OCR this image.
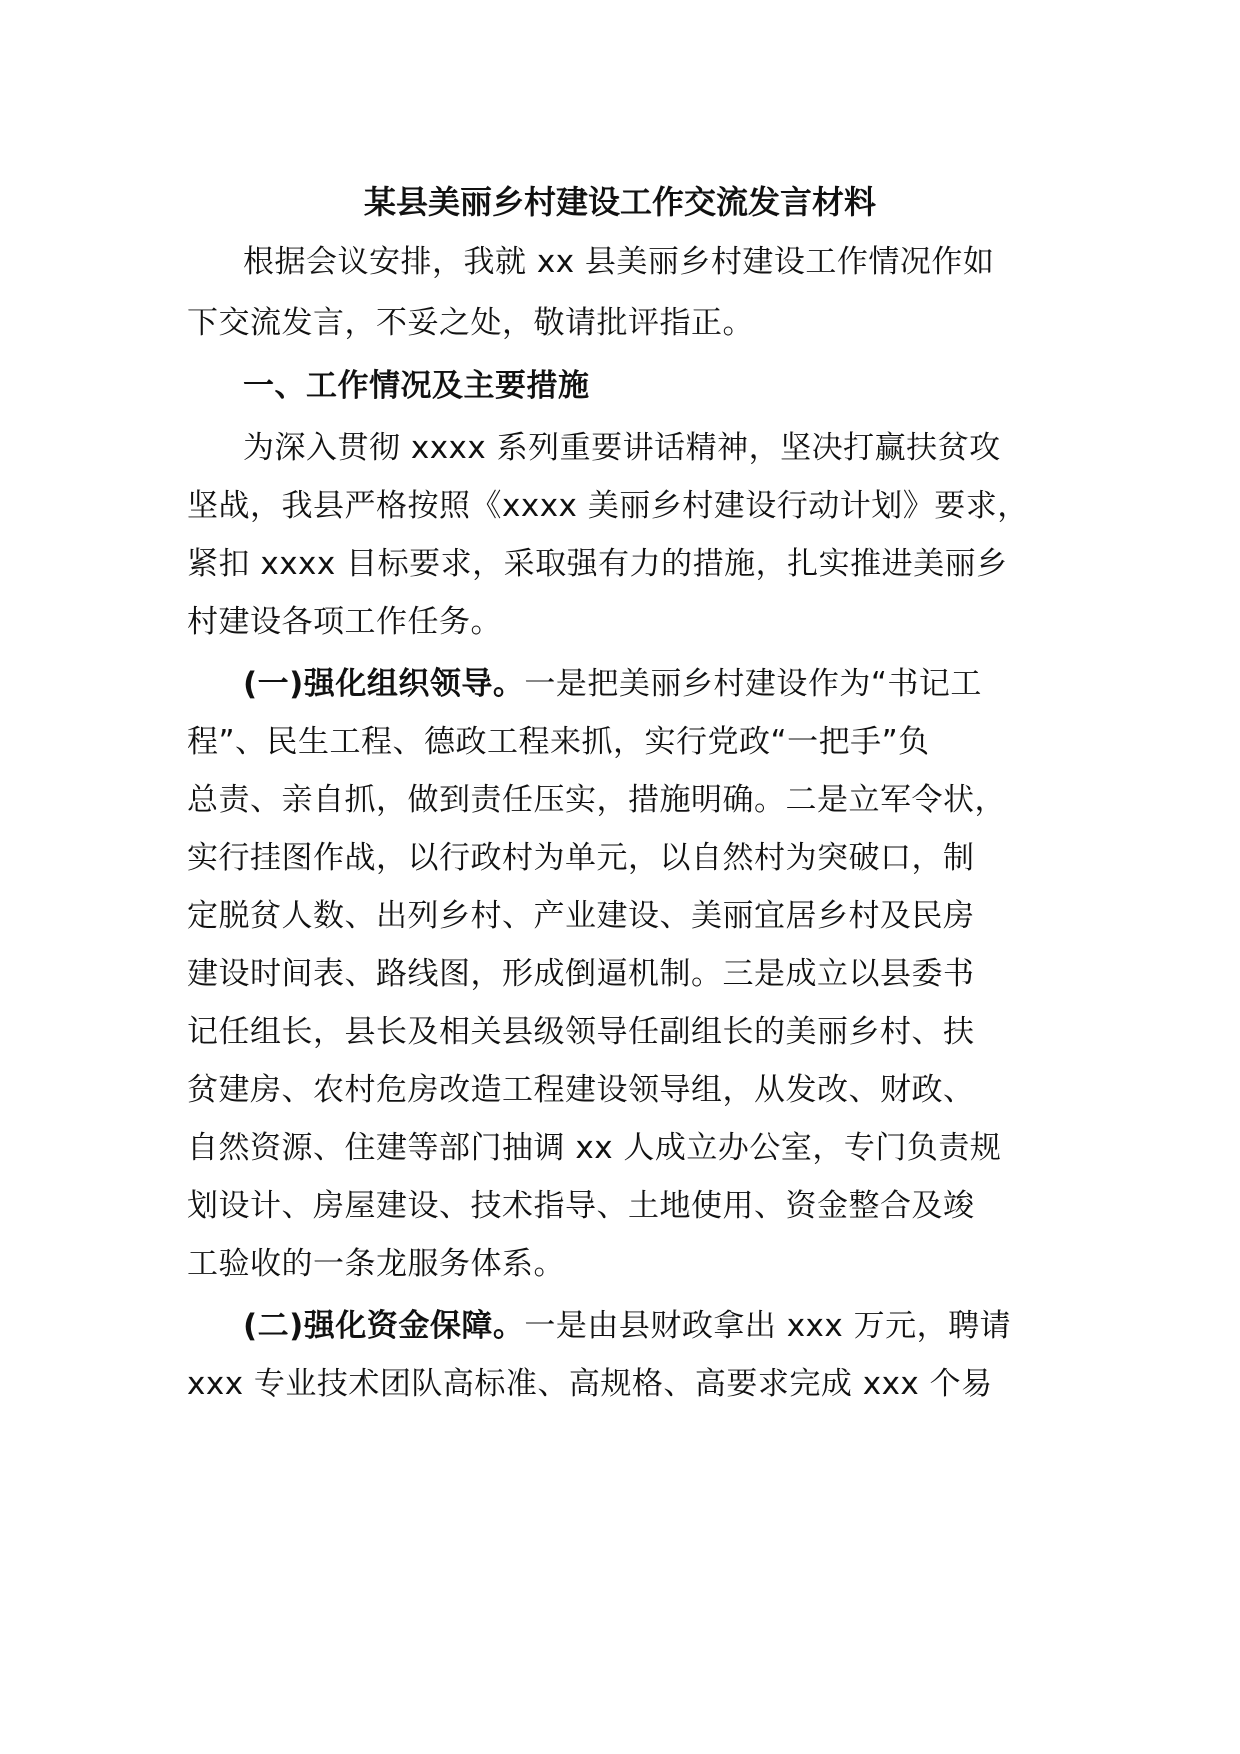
某县美丽乡村建设工作交流发言材料
根据会议安排，我就 xx 县美丽乡村建设工作情况作如
下交流发言，不妥之处，敬请批评指正。
一、工作情况及主要措施
为深入贯彻 xxxx 系列重要讲话精神，坚决打赢扶贫攻
坚战，我县严格按照《xxxx 美丽乡村建设行动计划》要求，
紧扣 xxxx 目标要求，采取强有力的措施，扎实推进美丽乡
村建设各项工作任务。
(一)强化组织领导。一是把美丽乡村建设作为“书记工
程”、民生工程、德政工程来抓，实行党政“一把手”负
总责、亲自抓，做到责任压实，措施明确。二是立军令状，
实行挂图作战，以行政村为单元，以自然村为突破口，制
定脱贫人数、出列乡村、产业建设、美丽宜居乡村及民房
建设时间表、路线图，形成倒逼机制。三是成立以县委书
记任组长，县长及相关县级领导任副组长的美丽乡村、扶
贫建房、农村危房改造工程建设领导组，从发改、财政、
自然资源、住建等部门抽调 xx 人成立办公室，专门负责规
划设计、房屋建设、技术指导、土地使用、资金整合及竣
工验收的一条龙服务体系。
(二)强化资金保障。一是由县财政拿出 xxx 万元，聘请
xxx 专业技术团队高标准、高规格、高要求完成 xxx 个易
